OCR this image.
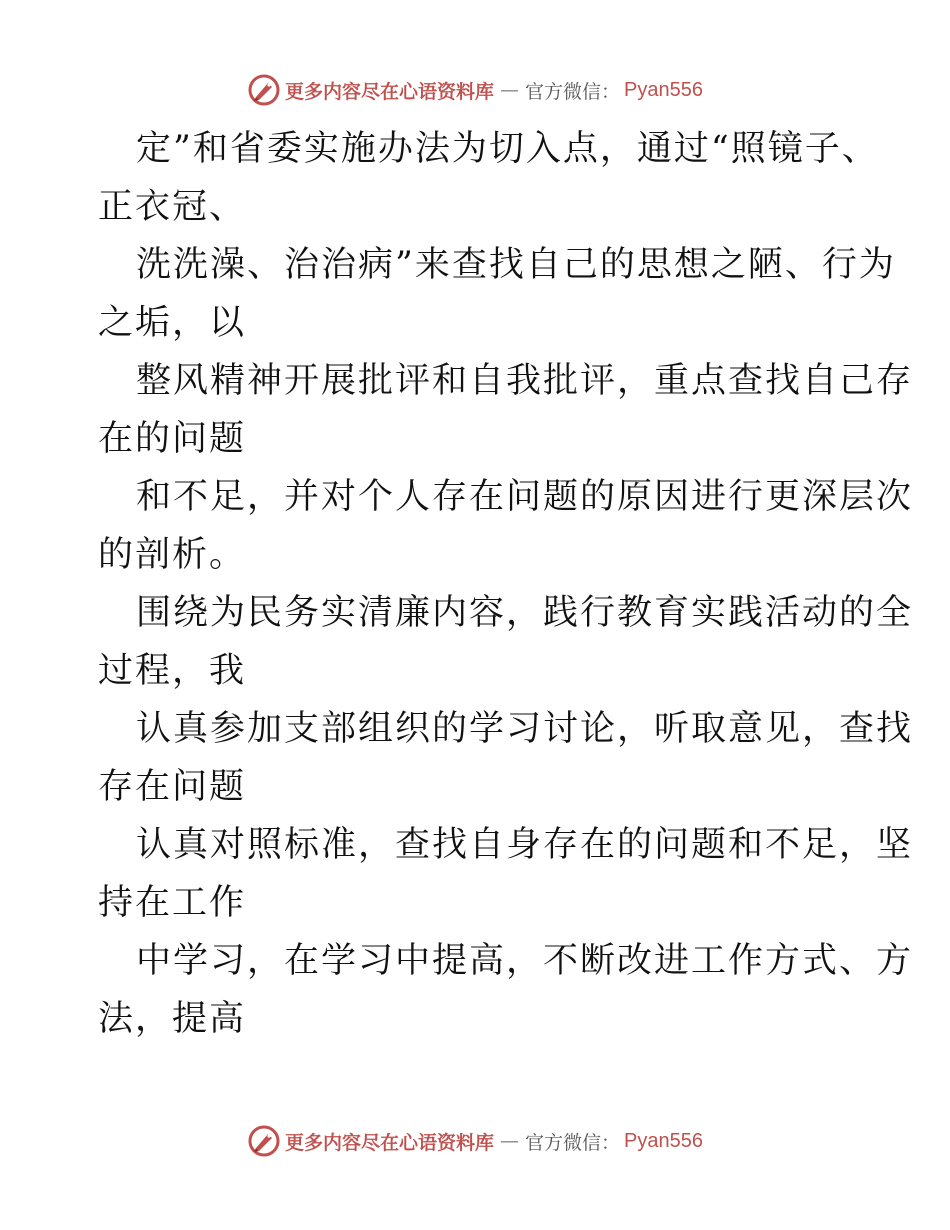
更多内容尽在心语资料库 — 官方微信： Pyan556
定”和省委实施办法为切入点，通过“照镜子、
正衣冠、
洗洗澡、治治病”来查找自己的思想之陋、行为
之垢，以
整风精神开展批评和自我批评，重点查找自己存
在的问题
和不足，并对个人存在问题的原因进行更深层次
的剖析。
围绕为民务实清廉内容，践行教育实践活动的全
过程，我
认真参加支部组织的学习讨论，听取意见，查找
存在问题
认真对照标准，查找自身存在的问题和不足，坚
持在工作
中学习，在学习中提高，不断改进工作方式、方
法，提高
更多内容尽在心语资料库 — 官方微信： Pyan556
